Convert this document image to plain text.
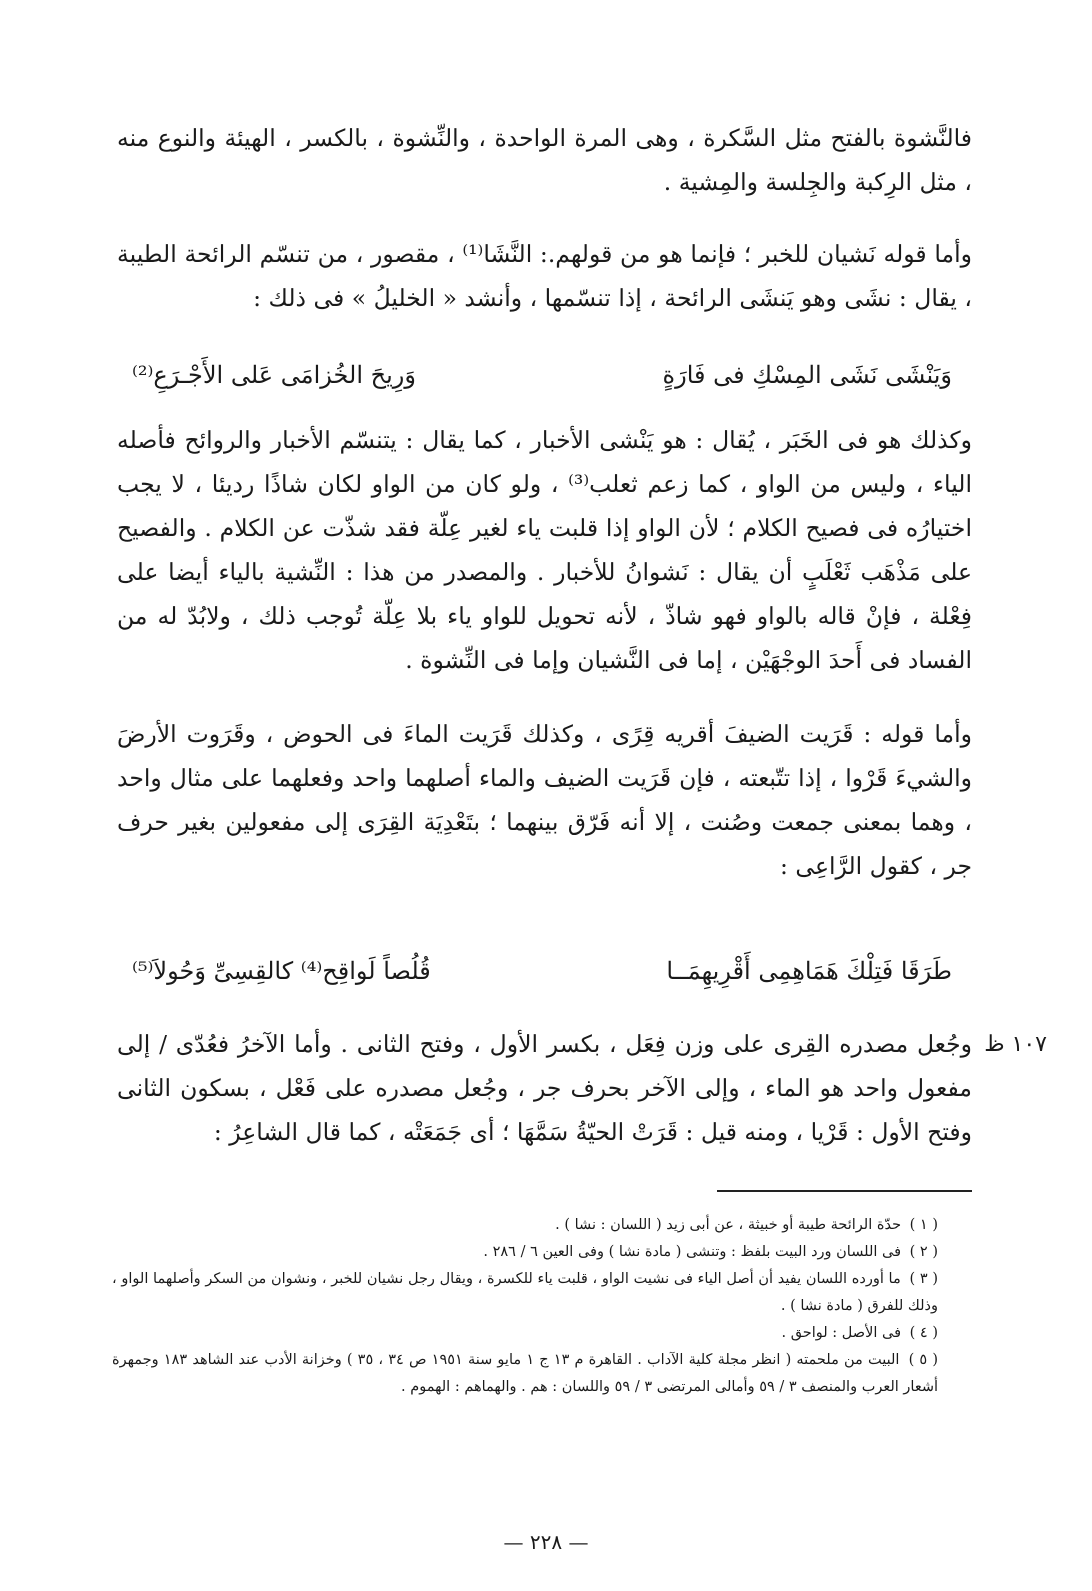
فالنَّشوة بالفتح مثل السَّكرة ، وهى المرة الواحدة ، والنِّشوة ، بالكسر ، الهيئة والنوع منه ، مثل الرِكبة والجِلسة والمِشية .
وأما قوله نَشيان للخبر ؛ فإنما هو من قولهم.: النَّشَا⁽¹⁾ ، مقصور ، من تنسّم الرائحة الطيبة ، يقال : نشَى وهو يَنشَى الرائحة ، إذا تنسّمها ، وأنشد « الخليلُ » فى ذلك :
وَيَنْشَى نَشَى المِسْكِ فى فَارَةٍ
وَرِيحَ الخُزامَى عَلى الأَجْـرَعِ⁽²⁾
وكذلك هو فى الخَبَر ، يُقال : هو يَنْشى الأخبار ، كما يقال : يتنسّم الأخبار والروائح فأصله الياء ، وليس من الواو ، كما زعم ثعلب⁽³⁾ ، ولو كان من الواو لكان شاذًا رديئا ، لا يجب اختيارُه فى فصيح الكلام ؛ لأن الواو إذا قلبت ياء لغير عِلّة فقد شذّت عن الكلام . والفصيح على مَذْهَب ثَعْلَبٍ أن يقال : نَشوانُ للأخبار . والمصدر من هذا : النِّشية بالياء أيضا على فِعْلة ، فإنْ قاله بالواو فهو شاذّ ، لأنه تحويل للواو ياء بلا عِلّة تُوجب ذلك ، ولابُدّ له من الفساد فى أَحدَ الوجْهَيْن ، إما فى النَّشيان وإما فى النِّشوة .
وأما قوله : قَرَيت الضيفَ أقريه قِرًى ، وكذلك قَرَيت الماءَ فى الحوض ، وقَرَوت الأرضَ والشيءَ قَرْوا ، إذا تتّبعته ، فإن قَرَيت الضيف والماء أصلهما واحد وفعلهما على مثال واحد ، وهما بمعنى جمعت وصُنت ، إلا أنه فَرّق بينهما ؛ بتَعْدِيَة القِرَى إلى مفعولين بغير حرف جر ، كقول الرَّاعِى :
طَرَقَا فَتِلْكَ هَمَاهِمِى أَقْرِيهِمَــا
قُلُصاً لَواقِح⁽⁴⁾ كالقِسِىِّ وَحُولاَ⁽⁵⁾
١٠٧ ظ
وجُعل مصدره القِرى على وزن فِعَل ، بكسر الأول ، وفتح الثانى . وأما الآخرُ فعُدّى / إلى مفعول واحد هو الماء ، وإلى الآخر بحرف جر ، وجُعل مصدره على فَعْل ، بسكون الثانى وفتح الأول : قَرْيا ، ومنه قيل : قَرَتْ الحيّةُ سَمَّهَا ؛ أى جَمَعَتْه ، كما قال الشاعِرُ :
( ١ ) حدّة الرائحة طيبة أو خبيثة ، عن أبى زيد ( اللسان : نشا ) .
( ٢ ) فى اللسان ورد البيت بلفظ : وتنشى ( مادة نشا ) وفى العين ٦ / ٢٨٦ .
( ٣ ) ما أورده اللسان يفيد أن أصل الياء فى نشيت الواو ، قلبت ياء للكسرة ، ويقال رجل نشيان للخبر ، ونشوان من السكر وأصلهما الواو ، وذلك للفرق ( مادة نشا ) .
( ٤ ) فى الأصل : لواحق .
( ٥ ) البيت من ملحمته ( انظر مجلة كلية الآداب . القاهرة م ١٣ ج ١ مايو سنة ١٩٥١ ص ٣٤ ، ٣٥ ) وخزانة الأدب عند الشاهد ١٨٣ وجمهرة أشعار العرب والمنصف ٣ / ٥٩ وأمالى المرتضى ٣ / ٥٩ واللسان : هم . والهماهم : الهموم .
— ٢٢٨ —
